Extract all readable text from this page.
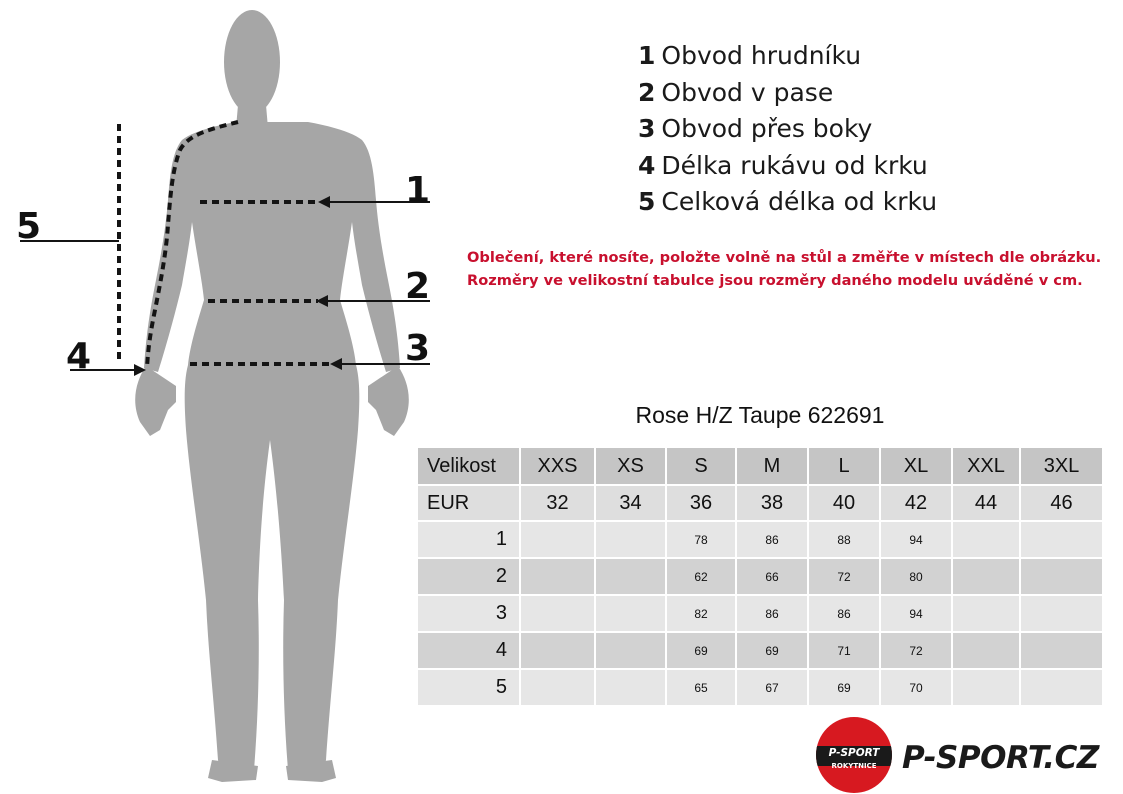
1
2
3
4
5
1 Obvod hrudníku
2 Obvod v pase
3 Obvod přes boky
4 Délka rukávu od krku
5 Celková délka od krku
Oblečení, které nosíte, položte volně na stůl a změřte v místech dle obrázku.
Rozměry ve velikostní tabulce jsou rozměry daného modelu uváděné v cm.
Rose H/Z Taupe 622691
Velikost	XXS	XS	S	M	L	XL	XXL	3XL
EUR	32	34	36	38	40	42	44	46
1			78	86	88	94		
2			62	66	72	80		
3			82	86	86	94		
4			69	69	71	72		
5			65	67	69	70		
P-SPORT
ROKYTNICE P-SPORT.CZ
